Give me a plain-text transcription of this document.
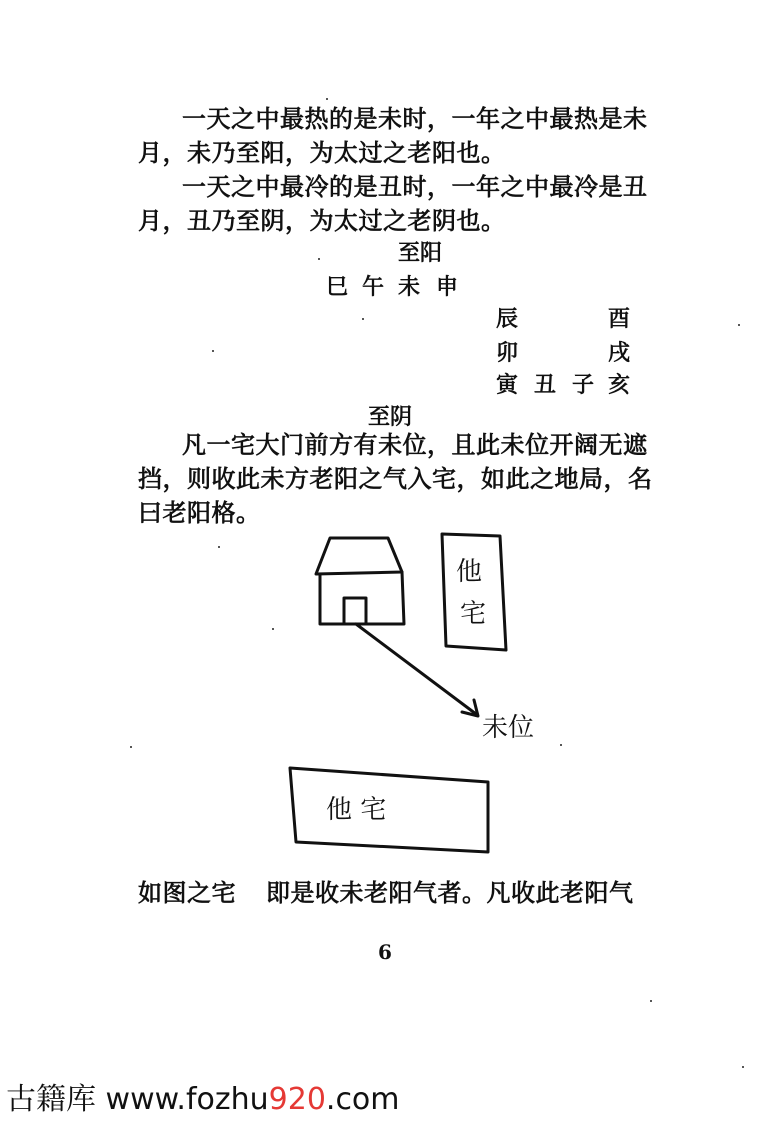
一天之中最热的是未时，一年之中最热是未
月，未乃至阳，为太过之老阳也。
一天之中最冷的是丑时，一年之中最冷是丑
月，丑乃至阴，为太过之老阴也。
至阳
巳 午 未 申
辰	酉
卯	戌
寅 丑 子 亥
至阴
凡一宅大门前方有未位，且此未位开阔无遮
挡，则收此未方老阳之气入宅，如此之地局，名
曰老阳格。
他
宅
未位
他 宅
如图之宅 即是收未老阳气者。凡收此老阳气
6
古籍库 www.fozhu920.com
